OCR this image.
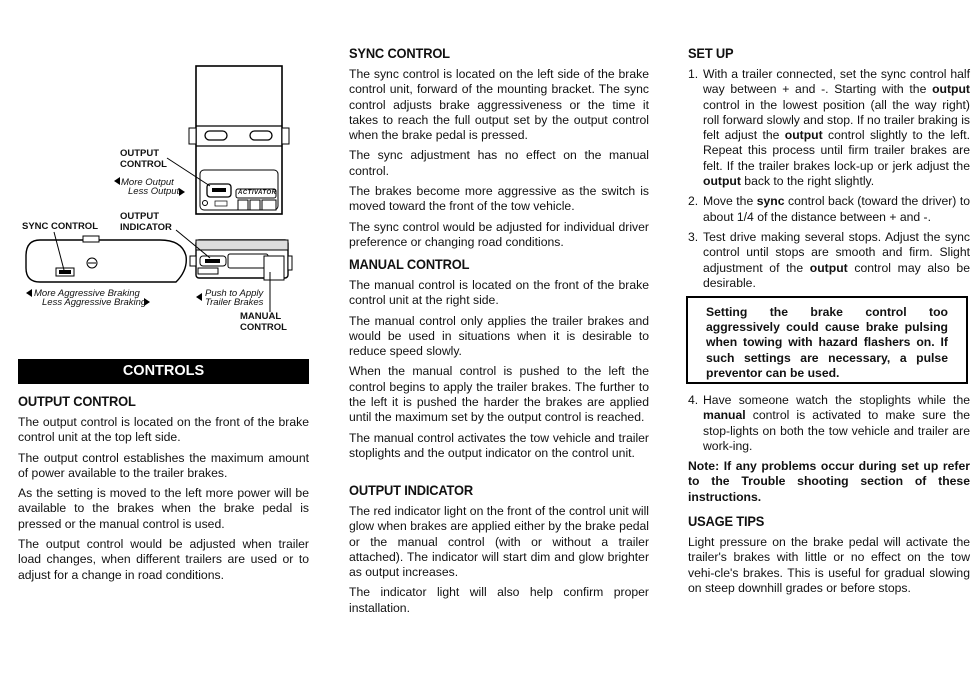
ACTIVATOR
OUTPUT
CONTROL
More Output
Less Output
OUTPUT
INDICATOR
SYNC CONTROL
More Aggressive Braking
Less Aggressive Braking
Push to Apply
Trailer Brakes
MANUAL
CONTROL
CONTROLS
OUTPUT CONTROL

The output control is located on the front of the brake control unit at the top left side.

The output control establishes the maximum amount of power available to the trailer brakes.

As the setting is moved to the left more power will be available to the brakes when the brake pedal is pressed or the manual control is used.

The output control would be adjusted when trailer load changes, when different trailers are used or to adjust for a change in road conditions.

SYNC CONTROL

The sync control is located on the left side of the brake control unit, forward of the mounting bracket. The sync control adjusts brake aggressiveness or the time it takes to reach the full output set by the output control when the brake pedal is pressed.

The sync adjustment has no effect on the manual control.

The brakes become more aggressive as the switch is moved toward the front of the tow vehicle.

The sync control would be adjusted for individual driver preference or changing road conditions.

MANUAL CONTROL

The manual control is located on the front of the brake control unit at the right side.

The manual control only applies the trailer brakes and would be used in situations when it is desirable to reduce speed slowly.

When the manual control is pushed to the left the control begins to apply the trailer brakes. The further to the left it is pushed the harder the brakes are applied until the maximum set by the output control is reached.

The manual control activates the tow vehicle and trailer stoplights and the output indicator on the control unit.

OUTPUT INDICATOR

The red indicator light on the front of the control unit will glow when brakes are applied either by the brake pedal or the manual control (with or without a trailer attached). The indicator will start dim and glow brighter as output increases.

The indicator light will also help confirm proper installation.

SET UP
1. With a trailer connected, set the sync control half way between + and -. Starting with the output control in the lowest position (all the way right) roll forward slowly and stop. If no trailer braking is felt adjust the output control slightly to the left. Repeat this process until firm trailer brakes are felt. If the trailer brakes lock-up or jerk adjust the output back to the right slightly.

2. Move the sync control back (toward the driver) to about 1/4 of the distance between + and -.

3. Test drive making several stops. Adjust the sync control until stops are smooth and firm. Slight adjustment of the output control may also be desirable.

Setting the brake control too aggressively could cause brake pulsing when towing with hazard flashers on. If such settings are necessary, a pulse preventor can be used.
4. Have someone watch the stoplights while the manual control is activated to make sure the stop-lights on both the tow vehicle and trailer are work-ing.

Note: If any problems occur during set up refer to the Trouble shooting section of these instructions.

USAGE TIPS

Light pressure on the brake pedal will activate the trailer's brakes with little or no effect on the tow vehi-cle's brakes. This is useful for gradual slowing on steep downhill grades or before stops.
